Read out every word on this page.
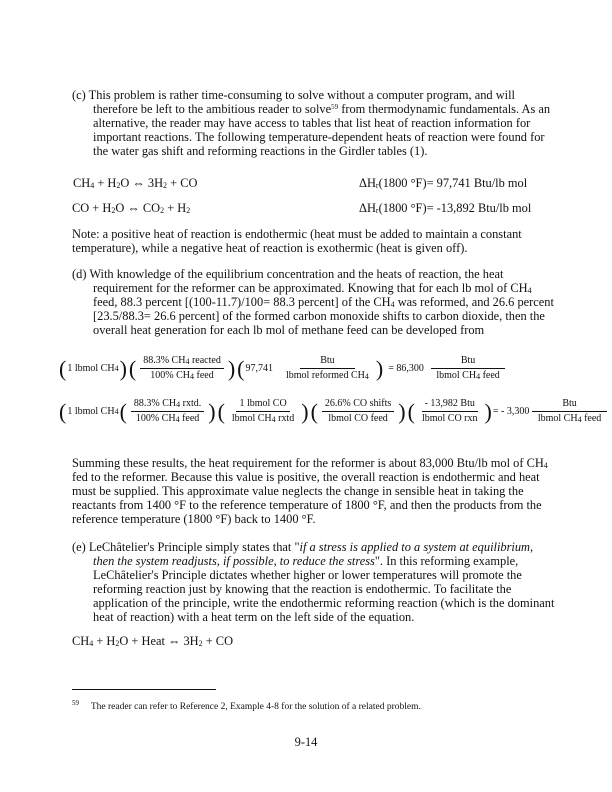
(c) This problem is rather time-consuming to solve without a computer program, and will
therefore be left to the ambitious reader to solve$^{59}$ from thermodynamic fundamentals. As an
alternative, the reader may have access to tables that list heat of reaction information for
important reactions. The following temperature-dependent heats of reaction were found for
the water gas shift and reforming reactions in the Girdler tables (1).
$CH_4 + H_2O$ ⇔ $3H_2$ + CO	$\Delta H_r(1800$ °F)= 97,741 Btu/lb mol
CO + $H_2O$ ⇔ $CO_2 + H_2$	$\Delta H_r(1800$ °F)= -13,892 Btu/lb mol
Note: a positive heat of reaction is endothermic (heat must be added to maintain a constant
temperature), while a negative heat of reaction is exothermic (heat is given off).
(d) With knowledge of the equilibrium concentration and the heats of reaction, the heat
requirement for the reformer can be approximated. Knowing that for each lb mol of $CH_4$
feed, 88.3 percent [(100-11.7)/100= 88.3 percent] of the $CH_4$ was reformed, and 26.6 percent
[23.5/88.3= 26.6 percent] of the formed carbon monoxide shifts to carbon dioxide, then the
overall heat generation for each lb mol of methane feed can be developed from
Summing these results, the heat requirement for the reformer is about 83,000 Btu/lb mol of $CH_4$
fed to the reformer. Because this value is positive, the overall reaction is endothermic and heat
must be supplied. This approximate value neglects the change in sensible heat in taking the
reactants from 1400 °F to the reference temperature of 1800 °F, and then the products from the
reference temperature (1800 °F) back to 1400 °F.
(e) LeChâtelier's Principle simply states that "if a stress is applied to a system at equilibrium,
then the system readjusts, if possible, to reduce the stress". In this reforming example,
LeChâtelier's Principle dictates whether higher or lower temperatures will promote the
reforming reaction just by knowing that the reaction is endothermic. To facilitate the
application of the principle, write the endothermic reforming reaction (which is the dominant
heat of reaction) with a heat term on the left side of the equation.
$CH_4 + H_2O$ + Heat ⇔ $3H_2$ + CO
( 1 lbmol CH 4 ) ( 88.3% $CH_4$ reacted
100% $CH_4$ feed ) ( 97,741
Btu
lbmol reformed $CH_4$ ) = 86,300
Btu
lbmol $CH_4$ feed
( 1 lbmol CH 4 ( 88.3% $CH_4$ rxtd.
100% $CH_4$ feed ) (	1 lbmol CO
lbmol $CH_4$ rxtd ) ( 26.6% CO shifts
lbmol CO feed ) ( - 13,982 Btu
lbmol CO rxn ) = - 3,300
Btu
lbmol $CH_4$ feed
$^{59}$ The reader can refer to Reference 2, Example 4-8 for the solution of a related problem.
9-14
